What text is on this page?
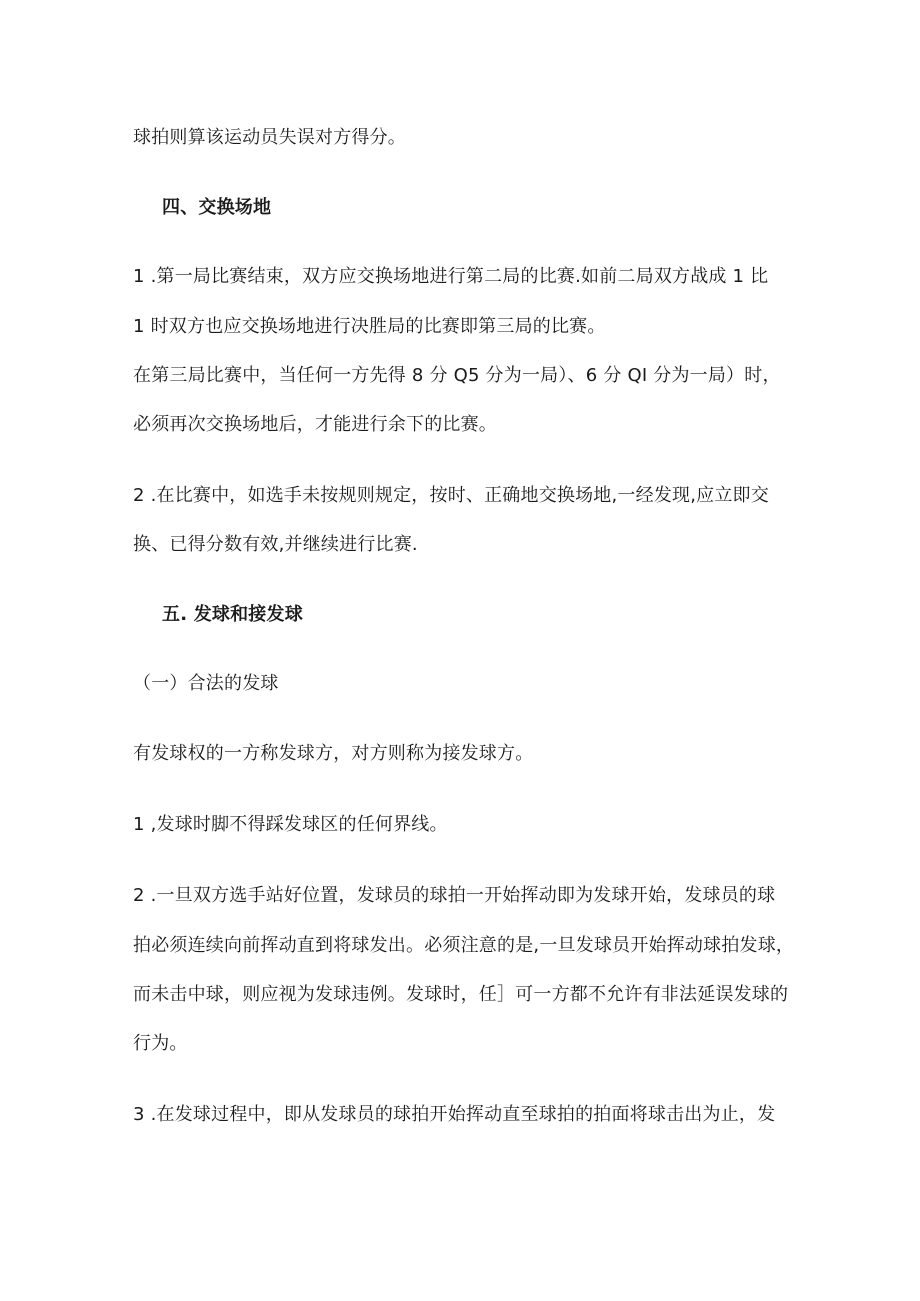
球拍则算该运动员失误对方得分。
四、交换场地
1 .第一局比赛结束，双方应交换场地进行第二局的比赛.如前二局双方战成 1 比
1 时双方也应交换场地进行决胜局的比赛即第三局的比赛。
在第三局比赛中，当任何一方先得 8 分 Q5 分为一局）、6 分 QI 分为一局）时，
必须再次交换场地后，才能进行余下的比赛。
2 .在比赛中，如选手未按规则规定，按时、正确地交换场地,一经发现,应立即交
换、已得分数有效,并继续进行比赛.
五. 发球和接发球
（一）合法的发球
有发球权的一方称发球方，对方则称为接发球方。
1 ,发球时脚不得踩发球区的任何界线。
2 .一旦双方选手站好位置，发球员的球拍一开始挥动即为发球开始，发球员的球
拍必须连续向前挥动直到将球发出。必须注意的是,一旦发球员开始挥动球拍发球，
而未击中球，则应视为发球违例。发球时，任］可一方都不允许有非法延误发球的
行为。
3 .在发球过程中，即从发球员的球拍开始挥动直至球拍的拍面将球击出为止，发
